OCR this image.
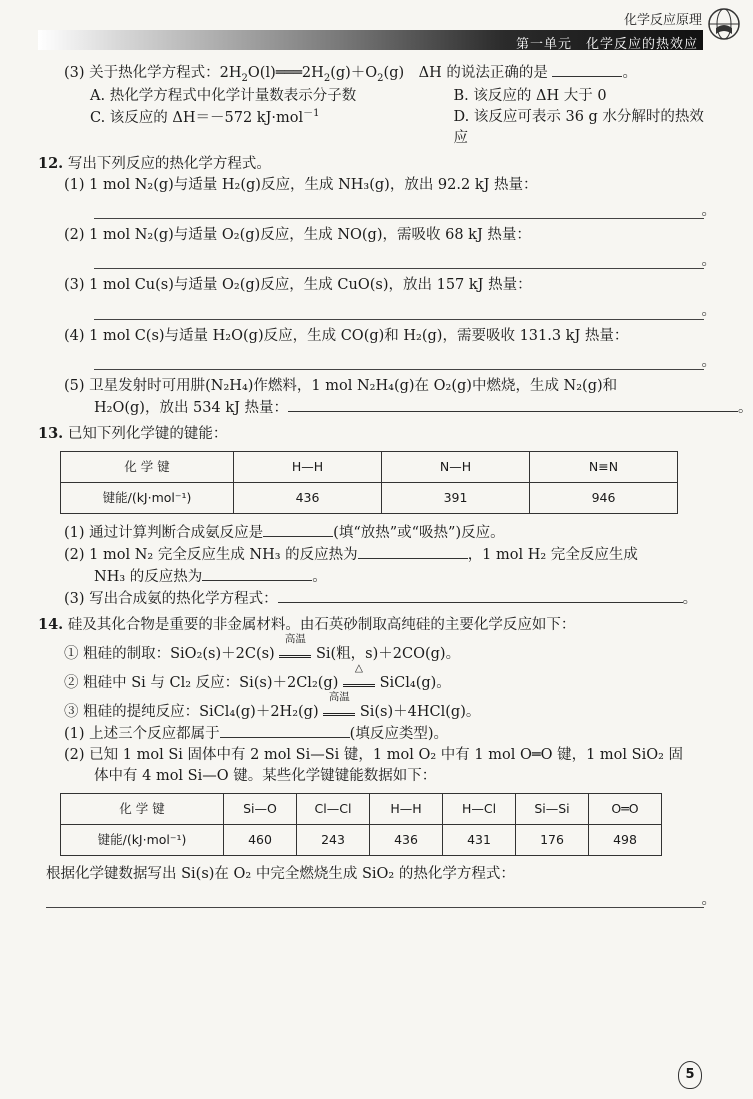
化学反应原理
第一单元　化学反应的热效应
(3) 关于热化学方程式：$2H_2O(l)═══2H_2(g)+O_2(g)$　ΔH 的说法正确的是	。
A. 热化学方程式中化学计量数表示分子数	B. 该反应的 ΔH 大于 0
C. 该反应的 ΔH＝－572 kJ·mol$^{-1}$	D. 该反应可表示 36 g 水分解时的热效应
12. 写出下列反应的热化学方程式。
(1) 1 mol N₂(g)与适量 H₂(g)反应，生成 NH₃(g)，放出 92.2 kJ 热量：
。
(2) 1 mol N₂(g)与适量 O₂(g)反应，生成 NO(g)，需吸收 68 kJ 热量：
。
(3) 1 mol Cu(s)与适量 O₂(g)反应，生成 CuO(s)，放出 157 kJ 热量：
。
(4) 1 mol C(s)与适量 H₂O(g)反应，生成 CO(g)和 H₂(g)，需要吸收 131.3 kJ 热量：
。
(5) 卫星发射时可用肼(N₂H₄)作燃料，1 mol N₂H₄(g)在 O₂(g)中燃烧，生成 N₂(g)和
H₂O(g)，放出 534 kJ 热量：	。
13. 已知下列化学键的键能：
化 学 键	H—H	N—H	N≡N
键能/(kJ·mol⁻¹)	436	391	946
(1) 通过计算判断合成氨反应是	(填“放热”或“吸热”)反应。
(2) 1 mol N₂ 完全反应生成 NH₃ 的反应热为	，1 mol H₂ 完全反应生成
NH₃ 的反应热为	。
(3) 写出合成氨的热化学方程式：	。
14. 硅及其化合物是重要的非金属材料。由石英砂制取高纯硅的主要化学反应如下：
① 粗硅的制取：SiO₂(s)＋2C(s)
高温
Si(粗，s)＋2CO(g)。
② 粗硅中 Si 与 Cl₂ 反应：Si(s)＋2Cl₂(g)
△
SiCl₄(g)。
③ 粗硅的提纯反应：SiCl₄(g)＋2H₂(g)
高温
Si(s)＋4HCl(g)。
(1) 上述三个反应都属于	(填反应类型)。
(2) 已知 1 mol Si 固体中有 2 mol Si—Si 键，1 mol O₂ 中有 1 mol O═O 键，1 mol SiO₂ 固
体中有 4 mol Si—O 键。某些化学键键能数据如下：
化 学 键	Si—O	Cl—Cl	H—H	H—Cl	Si—Si	O═O
键能/(kJ·mol⁻¹)	460	243	436	431	176	498
根据化学键数据写出 Si(s)在 O₂ 中完全燃烧生成 SiO₂ 的热化学方程式：
。
5
